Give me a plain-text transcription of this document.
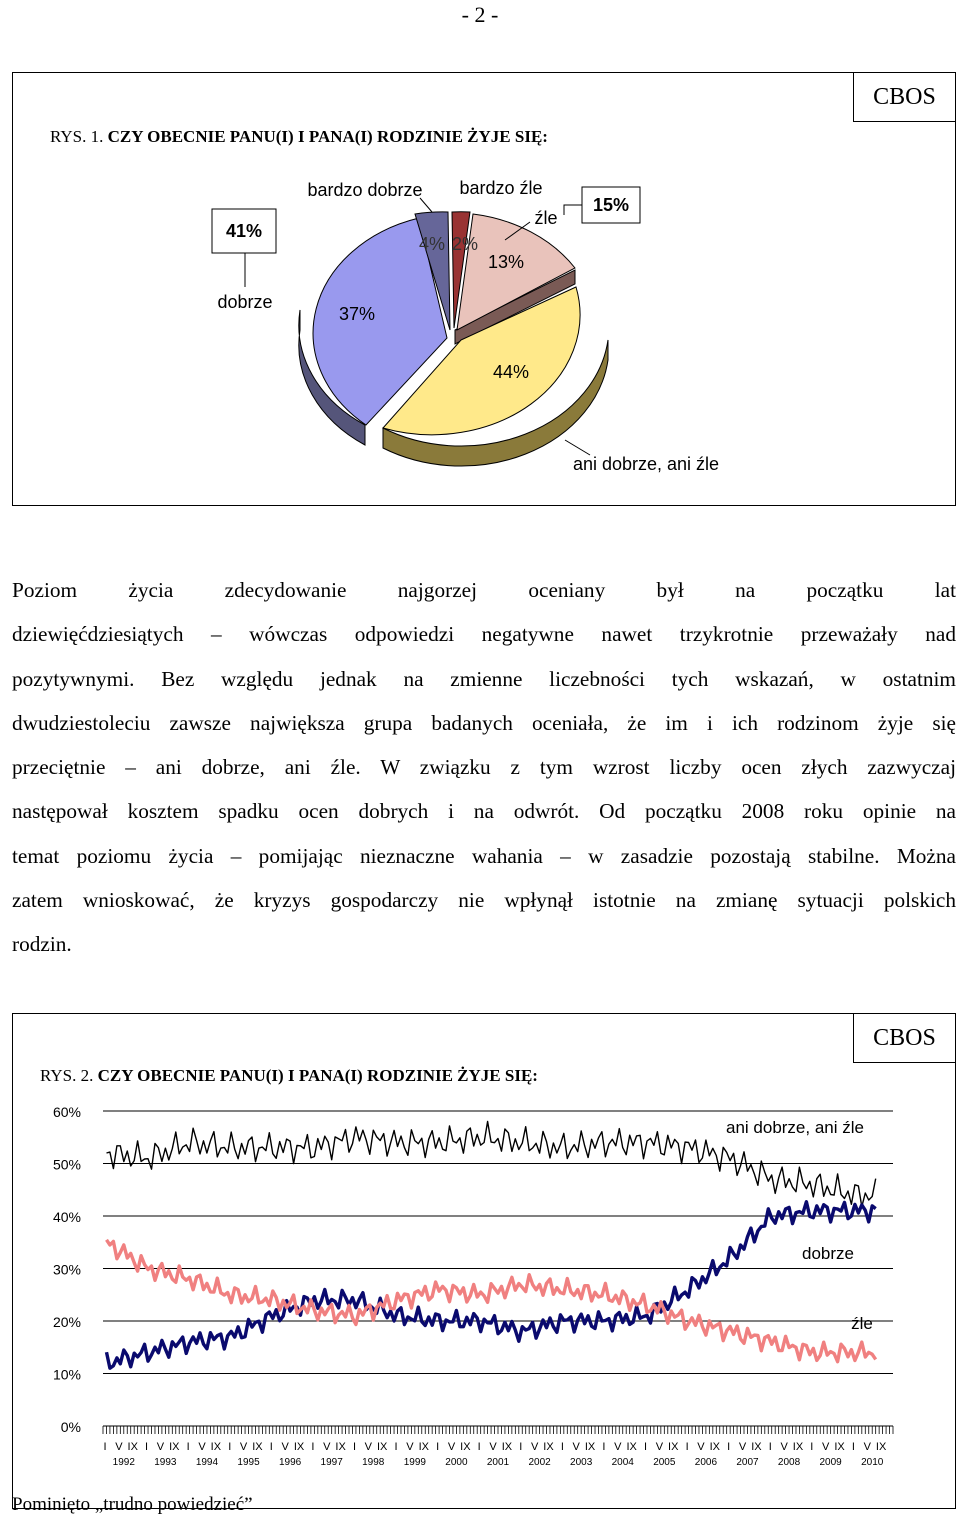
- 2 -
CBOS
RYS. 1. CZY OBECNIE PANU(I) I PANA(I) RODZINIE ŻYJE SIĘ:
41%
15%
bardzo dobrze bardzo źle
źle
dobrze
ani dobrze, ani źle
4% 2%
13%
37%
44%
Poziom życia zdecydowanie najgorzej oceniany był na początku lat
dziewięćdziesiątych – wówczas odpowiedzi negatywne nawet trzykrotnie przeważały nad
pozytywnymi. Bez względu jednak na zmienne liczebności tych wskazań, w ostatnim
dwudziestoleciu zawsze największa grupa badanych oceniała, że im i ich rodzinom żyje się
przeciętnie – ani dobrze, ani źle. W związku z tym wzrost liczby ocen złych zazwyczaj
następował kosztem spadku ocen dobrych i na odwrót. Od początku 2008 roku opinie na
temat poziomu życia – pomijając nieznaczne wahania – w zasadzie pozostają stabilne. Można
zatem wnioskować, że kryzys gospodarczy nie wpłynął istotnie na zmianę sytuacji polskich
rodzin.
CBOS
RYS. 2. CZY OBECNIE PANU(I) I PANA(I) RODZINIE ŻYJE SIĘ:
60%
50%
40%
30%
20%
10%
0%
I V IX
1992
I V IX
1993
I V IX
1994
I V IX
1995
I V IX
1996
I V IX
1997
I V IX
1998
I V IX
1999
I V IX
2000
I V IX
2001
I V IX
2002
I V IX
2003
I V IX
2004
I V IX
2005
I V IX
2006
I V IX
2007
I V IX
2008
I V IX
2009
I V IX
2010
ani dobrze, ani źle
dobrze
źle
Pominięto „trudno powiedzieć”
